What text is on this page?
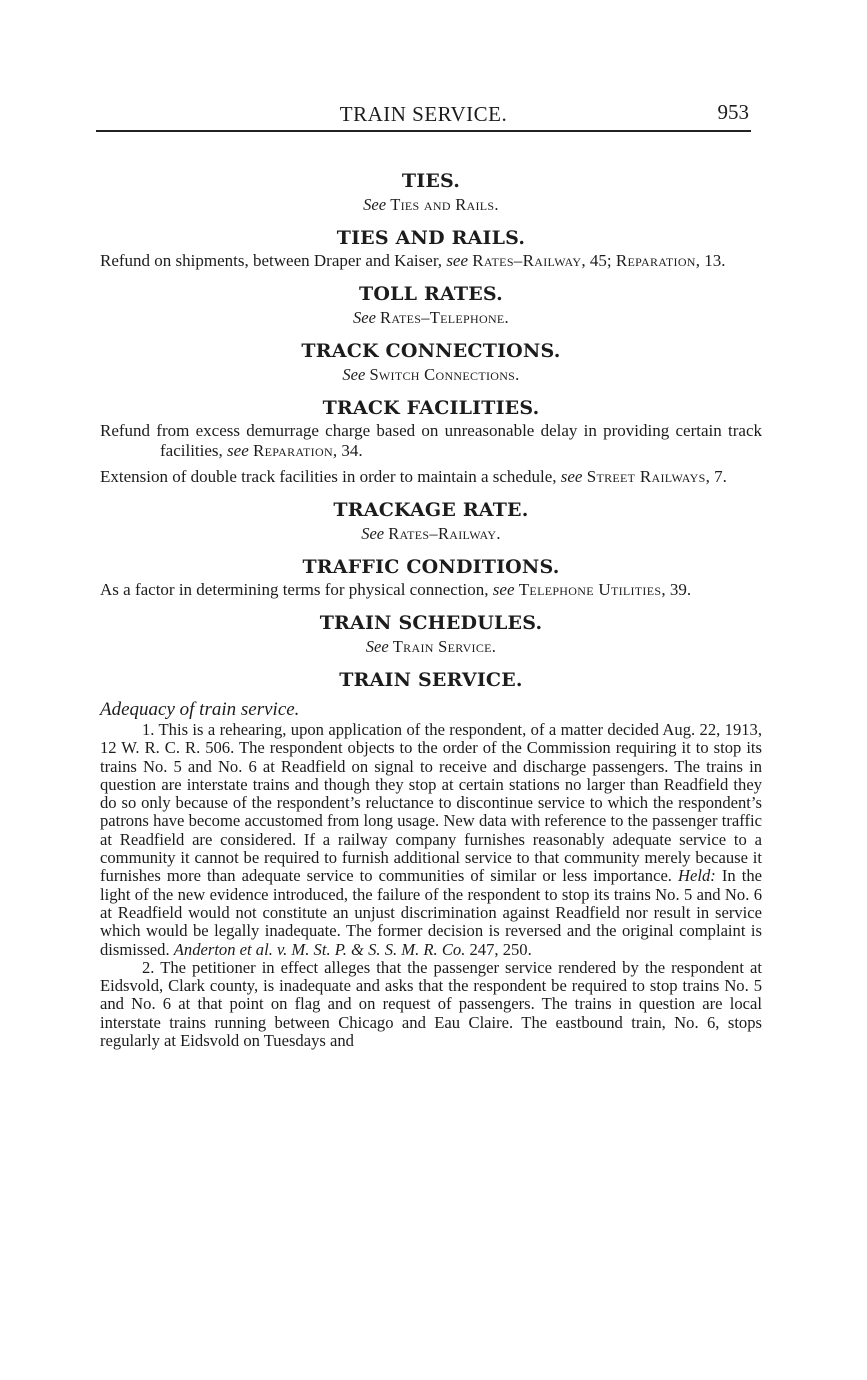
TRAIN SERVICE.	953
TIES.

See Ties and Rails.

TIES AND RAILS.

Refund on shipments, between Draper and Kaiser, see Rates–Railway, 45; Reparation, 13.

TOLL RATES.

See Rates–Telephone.

TRACK CONNECTIONS.

See Switch Connections.

TRACK FACILITIES.

Refund from excess demurrage charge based on unreasonable delay in providing certain track facilities, see Reparation, 34.

Extension of double track facilities in order to maintain a schedule, see Street Railways, 7.

TRACKAGE RATE.

See Rates–Railway.

TRAFFIC CONDITIONS.

As a factor in determining terms for physical connection, see Telephone Utilities, 39.

TRAIN SCHEDULES.

See Train Service.

TRAIN SERVICE.

Adequacy of train service.

1. This is a rehearing, upon application of the respondent, of a matter decided Aug. 22, 1913, 12 W. R. C. R. 506. The respondent objects to the order of the Commission requiring it to stop its trains No. 5 and No. 6 at Readfield on signal to receive and discharge passengers. The trains in question are interstate trains and though they stop at certain stations no larger than Readfield they do so only because of the respondent’s reluctance to discontinue service to which the respondent’s patrons have become accustomed from long usage. New data with reference to the passenger traffic at Readfield are considered. If a railway company furnishes reasonably adequate service to a community it cannot be required to furnish additional service to that community merely because it furnishes more than adequate service to communities of similar or less importance. Held: In the light of the new evidence introduced, the failure of the respondent to stop its trains No. 5 and No. 6 at Readfield would not constitute an unjust discrimination against Readfield nor result in service which would be legally inadequate. The former decision is reversed and the original complaint is dismissed. Anderton et al. v. M. St. P. & S. S. M. R. Co. 247, 250.

2. The petitioner in effect alleges that the passenger service rendered by the respondent at Eidsvold, Clark county, is inadequate and asks that the respondent be required to stop trains No. 5 and No. 6 at that point on flag and on request of passengers. The trains in question are local interstate trains running between Chicago and Eau Claire. The eastbound train, No. 6, stops regularly at Eidsvold on Tuesdays and
